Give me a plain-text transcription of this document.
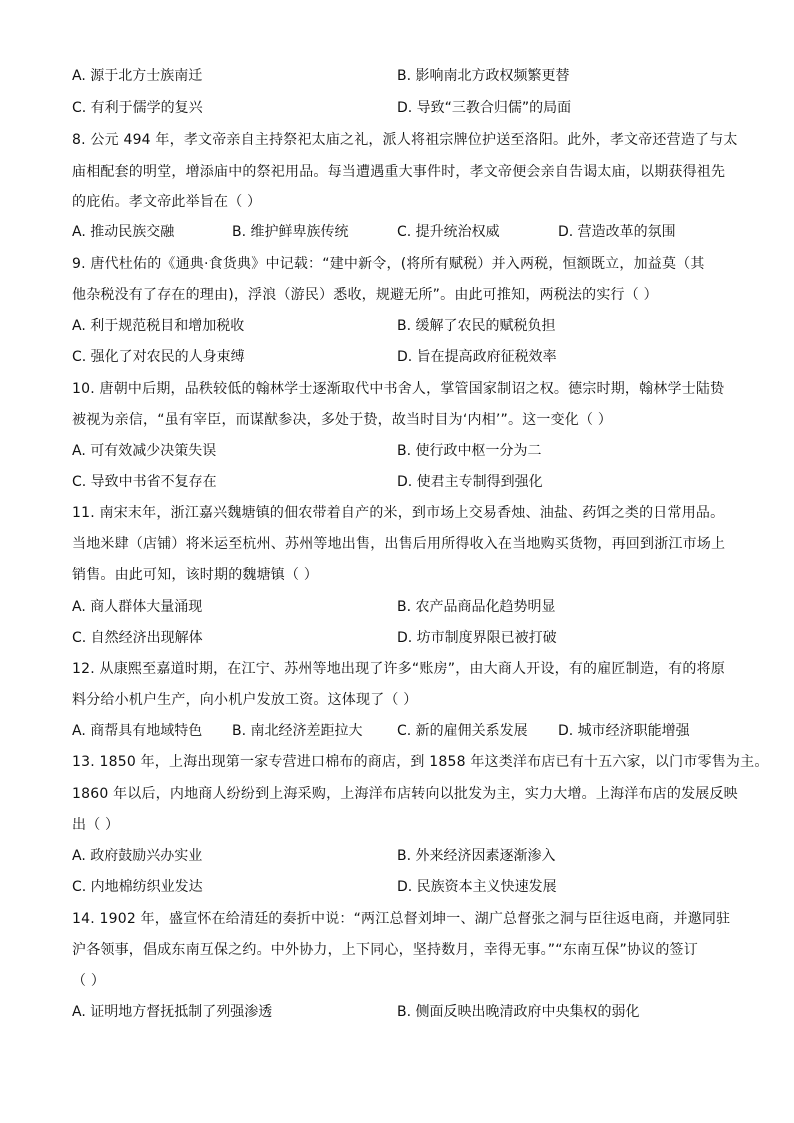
A. 源于北方士族南迁	B. 影响南北方政权频繁更替
C. 有利于儒学的复兴	D. 导致“三教合归儒”的局面
8. 公元 494 年，孝文帝亲自主持祭祀太庙之礼，派人将祖宗牌位护送至洛阳。此外，孝文帝还营造了与太
庙相配套的明堂，增添庙中的祭祀用品。每当遭遇重大事件时，孝文帝便会亲自告谒太庙，以期获得祖先
的庇佑。孝文帝此举旨在（ ）
A. 推动民族交融	B. 维护鲜卑族传统	C. 提升统治权威	D. 营造改革的氛围
9. 唐代杜佑的《通典·食货典》中记载：“建中新令，(将所有赋税）并入两税，恒额既立，加益莫（其
他杂税没有了存在的理由)，浮浪（游民）悉收，规避无所”。由此可推知，两税法的实行（ ）
A. 利于规范税目和增加税收	B. 缓解了农民的赋税负担
C. 强化了对农民的人身束缚	D. 旨在提高政府征税效率
10. 唐朝中后期，品秩较低的翰林学士逐渐取代中书舍人，掌管国家制诏之权。德宗时期，翰林学士陆贽
被视为亲信，“虽有宰臣，而谋猷参决，多处于贽，故当时目为‘内相’”。这一变化（ ）
A. 可有效减少决策失误	B. 使行政中枢一分为二
C. 导致中书省不复存在	D. 使君主专制得到强化
11. 南宋末年，浙江嘉兴魏塘镇的佃农带着自产的米，到市场上交易香烛、油盐、药饵之类的日常用品。
当地米肆（店铺）将米运至杭州、苏州等地出售，出售后用所得收入在当地购买货物，再回到浙江市场上
销售。由此可知，该时期的魏塘镇（ ）
A. 商人群体大量涌现	B. 农产品商品化趋势明显
C. 自然经济出现解体	D. 坊市制度界限已被打破
12. 从康熙至嘉道时期，在江宁、苏州等地出现了许多“账房”，由大商人开设，有的雇匠制造，有的将原
料分给小机户生产，向小机户发放工资。这体现了（ ）
A. 商帮具有地域特色 B. 南北经济差距拉大 C. 新的雇佣关系发展 D. 城市经济职能增强
13. 1850 年，上海出现第一家专营进口棉布的商店，到 1858 年这类洋布店已有十五六家，以门市零售为主。
1860 年以后，内地商人纷纷到上海采购，上海洋布店转向以批发为主，实力大增。上海洋布店的发展反映
出（ ）
A. 政府鼓励兴办实业	B. 外来经济因素逐渐渗入
C. 内地棉纺织业发达	D. 民族资本主义快速发展
14. 1902 年，盛宣怀在给清廷的奏折中说：“两江总督刘坤一、湖广总督张之洞与臣往返电商，并邀同驻
沪各领事，倡成东南互保之约。中外协力，上下同心，坚持数月，幸得无事。”“东南互保”协议的签订
（ ）
A. 证明地方督抚抵制了列强渗透	B. 侧面反映出晚清政府中央集权的弱化
